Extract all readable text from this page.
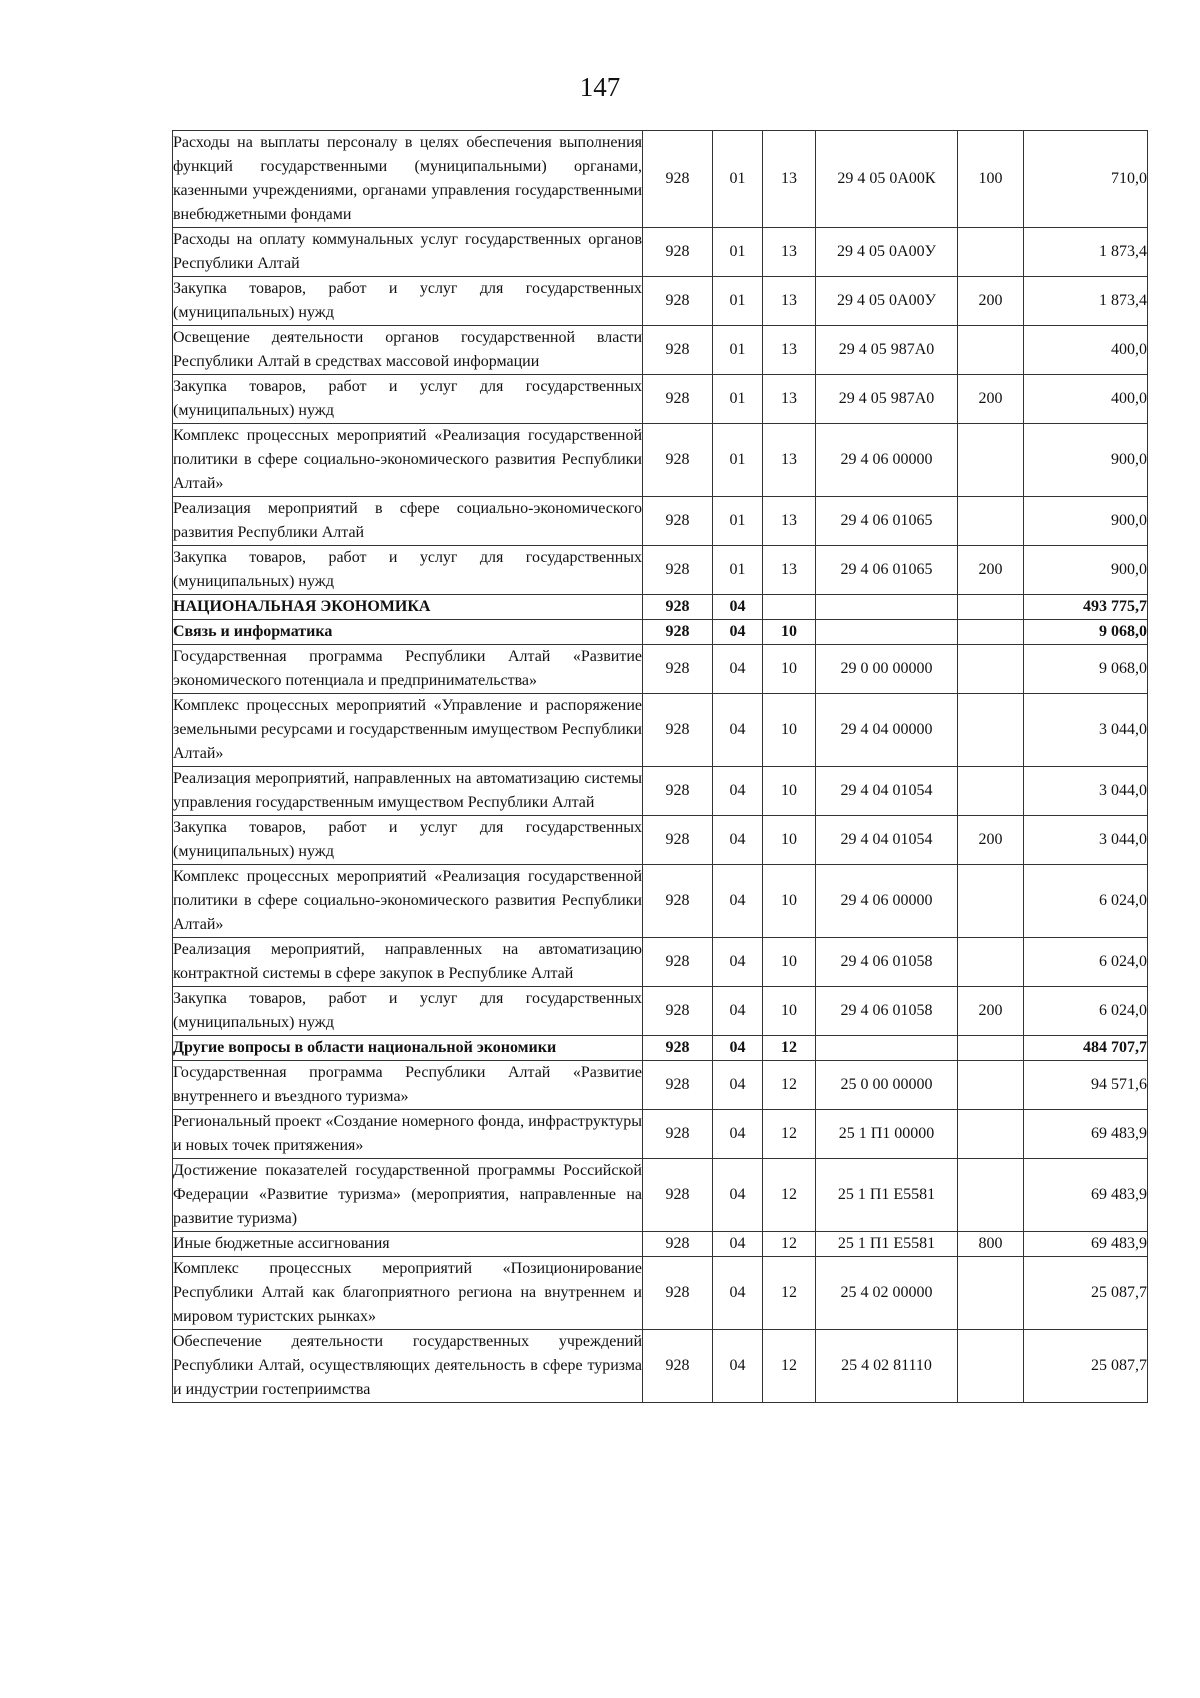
147
Расходы на выплаты персоналу в целях обеспечения выполнения функций государственными (муниципальными) органами, казенными учреждениями, органами управления государственными внебюджетными фондами	928	01	13	29 4 05 0А00К	100	710,0
Расходы на оплату коммунальных услуг государственных органов Республики Алтай	928	01	13	29 4 05 0А00У		1 873,4
Закупка товаров, работ и услуг для государственных (муниципальных) нужд	928	01	13	29 4 05 0А00У	200	1 873,4
Освещение деятельности органов государственной власти Республики Алтай в средствах массовой информации	928	01	13	29 4 05 987А0		400,0
Закупка товаров, работ и услуг для государственных (муниципальных) нужд	928	01	13	29 4 05 987А0	200	400,0
Комплекс процессных мероприятий «Реализация государственной политики в сфере социально-экономического развития Республики Алтай»	928	01	13	29 4 06 00000		900,0
Реализация мероприятий в сфере социально-экономического развития Республики Алтай	928	01	13	29 4 06 01065		900,0
Закупка товаров, работ и услуг для государственных (муниципальных) нужд	928	01	13	29 4 06 01065	200	900,0
НАЦИОНАЛЬНАЯ ЭКОНОМИКА	928	04				493 775,7
Связь и информатика	928	04	10			9 068,0
Государственная программа Республики Алтай «Развитие экономического потенциала и предпринимательства»	928	04	10	29 0 00 00000		9 068,0
Комплекс процессных мероприятий «Управление и распоряжение земельными ресурсами и государственным имуществом Республики Алтай»	928	04	10	29 4 04 00000		3 044,0
Реализация мероприятий, направленных на автоматизацию системы управления государственным имуществом Республики Алтай	928	04	10	29 4 04 01054		3 044,0
Закупка товаров, работ и услуг для государственных (муниципальных) нужд	928	04	10	29 4 04 01054	200	3 044,0
Комплекс процессных мероприятий «Реализация государственной политики в сфере социально-экономического развития Республики Алтай»	928	04	10	29 4 06 00000		6 024,0
Реализация мероприятий, направленных на автоматизацию контрактной системы в сфере закупок в Республике Алтай	928	04	10	29 4 06 01058		6 024,0
Закупка товаров, работ и услуг для государственных (муниципальных) нужд	928	04	10	29 4 06 01058	200	6 024,0
Другие вопросы в области национальной экономики	928	04	12			484 707,7
Государственная программа Республики Алтай «Развитие внутреннего и въездного туризма»	928	04	12	25 0 00 00000		94 571,6
Региональный проект «Создание номерного фонда, инфраструктуры и новых точек притяжения»	928	04	12	25 1 П1 00000		69 483,9
Достижение показателей государственной программы Российской Федерации «Развитие туризма» (мероприятия, направленные на развитие туризма)	928	04	12	25 1 П1 Е5581		69 483,9
Иные бюджетные ассигнования	928	04	12	25 1 П1 Е5581	800	69 483,9
Комплекс процессных мероприятий «Позиционирование Республики Алтай как благоприятного региона на внутреннем и мировом туристских рынках»	928	04	12	25 4 02 00000		25 087,7
Обеспечение деятельности государственных учреждений Республики Алтай, осуществляющих деятельность в сфере туризма и индустрии гостеприимства	928	04	12	25 4 02 81110		25 087,7
